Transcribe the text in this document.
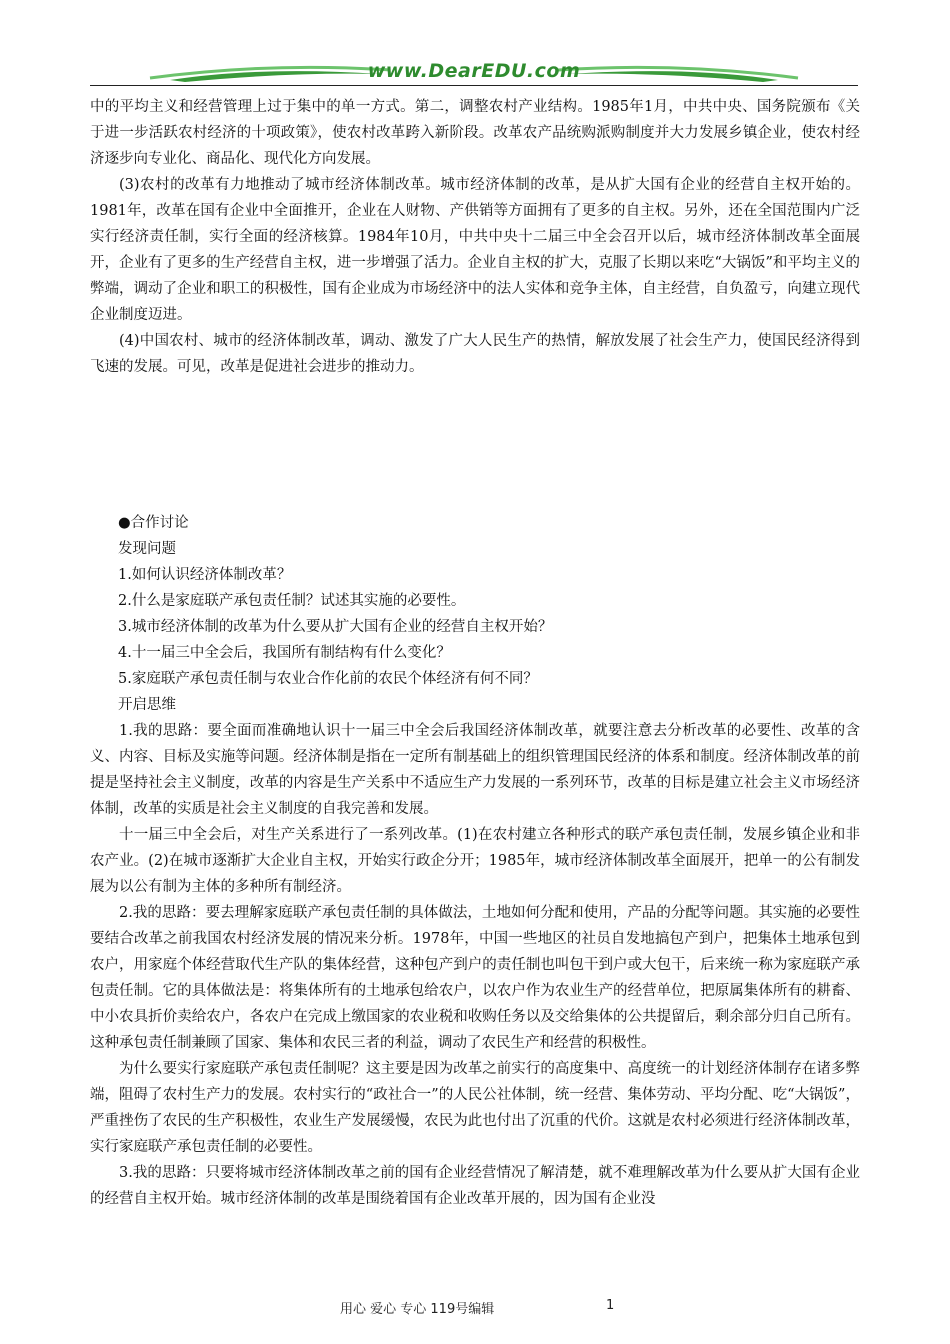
www.DearEDU.com

中的平均主义和经营管理上过于集中的单一方式。第二，调整农村产业结构。1985年1月，中共中央、国务院颁布《关于进一步活跃农村经济的十项政策》，使农村改革跨入新阶段。改革农产品统购派购制度并大力发展乡镇企业，使农村经济逐步向专业化、商品化、现代化方向发展。

(3)农村的改革有力地推动了城市经济体制改革。城市经济体制的改革，是从扩大国有企业的经营自主权开始的。1981年，改革在国有企业中全面推开，企业在人财物、产供销等方面拥有了更多的自主权。另外，还在全国范围内广泛实行经济责任制，实行全面的经济核算。1984年10月，中共中央十二届三中全会召开以后，城市经济体制改革全面展开，企业有了更多的生产经营自主权，进一步增强了活力。企业自主权的扩大，克服了长期以来吃“大锅饭”和平均主义的弊端，调动了企业和职工的积极性，国有企业成为市场经济中的法人实体和竞争主体，自主经营，自负盈亏，向建立现代企业制度迈进。

(4)中国农村、城市的经济体制改革，调动、激发了广大人民生产的热情，解放发展了社会生产力，使国民经济得到飞速的发展。可见，改革是促进社会进步的推动力。

●合作讨论

发现问题

1.如何认识经济体制改革？

2.什么是家庭联产承包责任制？试述其实施的必要性。

3.城市经济体制的改革为什么要从扩大国有企业的经营自主权开始？

4.十一届三中全会后，我国所有制结构有什么变化？

5.家庭联产承包责任制与农业合作化前的农民个体经济有何不同？

开启思维

1.我的思路：要全面而准确地认识十一届三中全会后我国经济体制改革，就要注意去分析改革的必要性、改革的含义、内容、目标及实施等问题。经济体制是指在一定所有制基础上的组织管理国民经济的体系和制度。经济体制改革的前提是坚持社会主义制度，改革的内容是生产关系中不适应生产力发展的一系列环节，改革的目标是建立社会主义市场经济体制，改革的实质是社会主义制度的自我完善和发展。

十一届三中全会后，对生产关系进行了一系列改革。(1)在农村建立各种形式的联产承包责任制，发展乡镇企业和非农产业。(2)在城市逐渐扩大企业自主权，开始实行政企分开；1985年，城市经济体制改革全面展开，把单一的公有制发展为以公有制为主体的多种所有制经济。

2.我的思路：要去理解家庭联产承包责任制的具体做法，土地如何分配和使用，产品的分配等问题。其实施的必要性要结合改革之前我国农村经济发展的情况来分析。1978年，中国一些地区的社员自发地搞包产到户，把集体土地承包到农户，用家庭个体经营取代生产队的集体经营，这种包产到户的责任制也叫包干到户或大包干，后来统一称为家庭联产承包责任制。它的具体做法是：将集体所有的土地承包给农户，以农户作为农业生产的经营单位，把原属集体所有的耕畜、中小农具折价卖给农户，各农户在完成上缴国家的农业税和收购任务以及交给集体的公共提留后，剩余部分归自己所有。这种承包责任制兼顾了国家、集体和农民三者的利益，调动了农民生产和经营的积极性。

为什么要实行家庭联产承包责任制呢？这主要是因为改革之前实行的高度集中、高度统一的计划经济体制存在诸多弊端，阻碍了农村生产力的发展。农村实行的“政社合一”的人民公社体制，统一经营、集体劳动、平均分配、吃“大锅饭”，严重挫伤了农民的生产积极性，农业生产发展缓慢，农民为此也付出了沉重的代价。这就是农村必须进行经济体制改革，实行家庭联产承包责任制的必要性。

3.我的思路：只要将城市经济体制改革之前的国有企业经营情况了解清楚，就不难理解改革为什么要从扩大国有企业的经营自主权开始。城市经济体制的改革是围绕着国有企业改革开展的，因为国有企业没

用心 爱心 专心 119号编辑	1
